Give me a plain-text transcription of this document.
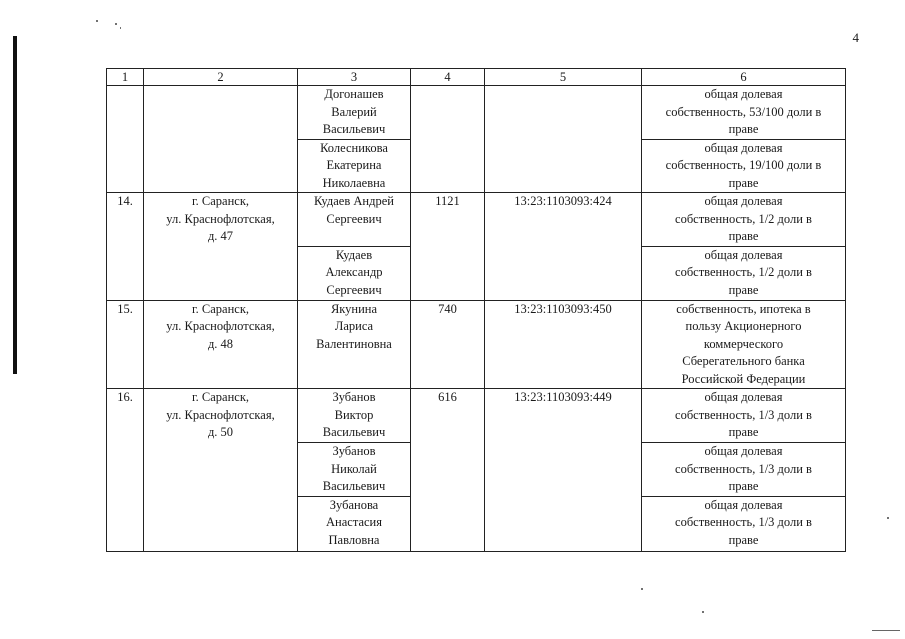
4
1	2	3	4	5	6
		Догонашев
Валерий
Васильевич			общая долевая
собственность, 53/100 доли в
праве
		Колесникова
Екатерина
Николаевна			общая долевая
собственность, 19/100 доли в
праве
14.	г. Саранск,
ул. Краснофлотская,
д. 47	Кудаев Андрей
Сергеевич	1121	13:23:1103093:424	общая долевая
собственность, 1/2 доли в
праве
		Кудаев
Александр
Сергеевич			общая долевая
собственность, 1/2 доли в
праве
15.	г. Саранск,
ул. Краснофлотская,
д. 48	Якунина
Лариса
Валентиновна	740	13:23:1103093:450	собственность, ипотека в
пользу Акционерного
коммерческого
Сберегательного банка
Российской Федерации
16.	г. Саранск,
ул. Краснофлотская,
д. 50	Зубанов
Виктор
Васильевич	616	13:23:1103093:449	общая долевая
собственность, 1/3 доли в
праве
		Зубанов
Николай
Васильевич			общая долевая
собственность, 1/3 доли в
праве
		Зубанова
Анастасия
Павловна			общая долевая
собственность, 1/3 доли в
праве
